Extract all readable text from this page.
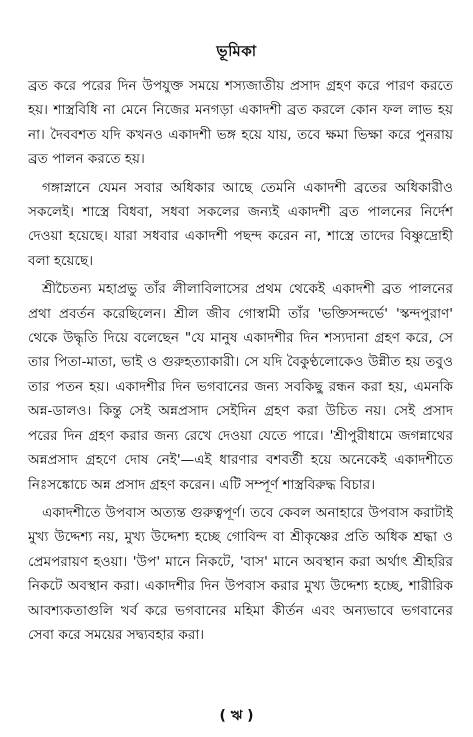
ভূমিকা

ব্রত করে পরের দিন উপযুক্ত সময়ে শস্যজাতীয় প্রসাদ গ্রহণ করে পারণ করতে হয়। শাস্ত্রবিধি না মেনে নিজের মনগড়া একাদশী ব্রত করলে কোন ফল লাভ হয় না। দৈববশত যদি কখনও একাদশী ভঙ্গ হয়ে যায়, তবে ক্ষমা ভিক্ষা করে পুনরায় ব্রত পালন করতে হয়।

গঙ্গাস্নানে যেমন সবার অধিকার আছে তেমনি একাদশী ব্রতের অধিকারীও সকলেই। শাস্ত্রে বিধবা, সধবা সকলের জন্যই একাদশী ব্রত পালনের নির্দেশ দেওয়া হয়েছে। যারা সধবার একাদশী পছন্দ করেন না, শাস্ত্রে তাদের বিষ্ণুদ্রোহী বলা হয়েছে।

শ্রীচৈতন্য মহাপ্রভু তাঁর লীলাবিলাসের প্রথম থেকেই একাদশী ব্রত পালনের প্রথা প্রবর্তন করেছিলেন। শ্রীল জীব গোস্বামী তাঁর 'ভক্তিসন্দর্ভে' 'স্কন্দপুরাণ' থেকে উদ্ধৃতি দিয়ে বলেছেন "যে মানুষ একাদশীর দিন শস্যদানা গ্রহণ করে, সে তার পিতা-মাতা, ভাই ও গুরুহত্যাকারী। সে যদি বৈকুণ্ঠলোকেও উন্নীত হয় তবুও তার পতন হয়। একাদশীর দিন ভগবানের জন্য সবকিছু রন্ধন করা হয়, এমনকি অন্ন-ডালও। কিন্তু সেই অন্নপ্রসাদ সেইদিন গ্রহণ করা উচিত নয়। সেই প্রসাদ পরের দিন গ্রহণ করার জন্য রেখে দেওয়া যেতে পারে। 'শ্রীপুরীধামে জগন্নাথের অন্নপ্রসাদ গ্রহণে দোষ নেই'—এই ধারণার বশবর্তী হয়ে অনেকেই একাদশীতে নিঃসঙ্কোচে অন্ন প্রসাদ গ্রহণ করেন। এটি সম্পূর্ণ শাস্ত্রবিরুদ্ধ বিচার।

একাদশীতে উপবাস অত্যন্ত গুরুত্বপূর্ণ। তবে কেবল অনাহারে উপবাস করাটাই মুখ্য উদ্দেশ্য নয়, মুখ্য উদ্দেশ্য হচ্ছে গোবিন্দ বা শ্রীকৃষ্ণের প্রতি অধিক শ্রদ্ধা ও প্রেমপরায়ণ হওয়া। 'উপ' মানে নিকটে, 'বাস' মানে অবস্থান করা অর্থাৎ শ্রীহরির নিকটে অবস্থান করা। একাদশীর দিন উপবাস করার মুখ্য উদ্দেশ্য হচ্ছে, শারীরিক আবশ্যকতাগুলি খর্ব করে ভগবানের মহিমা কীর্তন এবং অন্যভাবে ভগবানের সেবা করে সময়ের সদ্ব্যবহার করা।

( ঋ )
